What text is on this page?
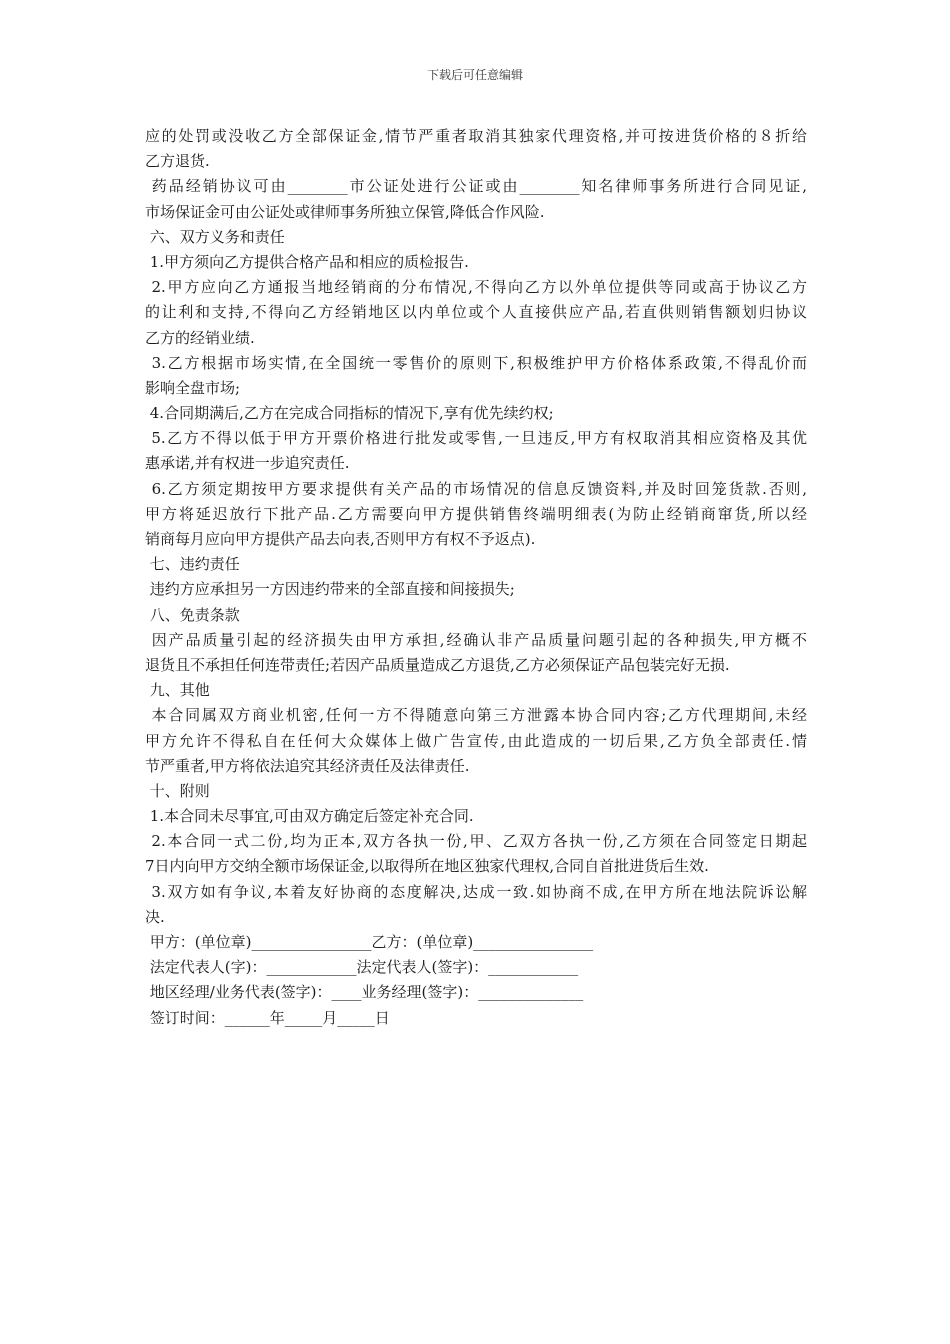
下载后可任意编辑
应的处罚或没收乙方全部保证金,情节严重者取消其独家代理资格,并可按进货价格的８折给
乙方退货.
药品经销协议可由________市公证处进行公证或由________知名律师事务所进行合同见证,
市场保证金可由公证处或律师事务所独立保管,降低合作风险.
六、双方义务和责任
1.甲方须向乙方提供合格产品和相应的质检报告.
2.甲方应向乙方通报当地经销商的分布情况,不得向乙方以外单位提供等同或高于协议乙方
的让利和支持,不得向乙方经销地区以内单位或个人直接供应产品,若直供则销售额划归协议
乙方的经销业绩.
3.乙方根据市场实情,在全国统一零售价的原则下,积极维护甲方价格体系政策,不得乱价而
影响全盘市场;
4.合同期满后,乙方在完成合同指标的情况下,享有优先续约权;
5.乙方不得以低于甲方开票价格进行批发或零售,一旦违反,甲方有权取消其相应资格及其优
惠承诺,并有权进一步追究责任.
6.乙方须定期按甲方要求提供有关产品的市场情况的信息反馈资料,并及时回笼货款.否则,
甲方将延迟放行下批产品.乙方需要向甲方提供销售终端明细表(为防止经销商窜货,所以经
销商每月应向甲方提供产品去向表,否则甲方有权不予返点).
七、违约责任
违约方应承担另一方因违约带来的全部直接和间接损失;
八、免责条款
因产品质量引起的经济损失由甲方承担,经确认非产品质量问题引起的各种损失,甲方概不
退货且不承担任何连带责任;若因产品质量造成乙方退货,乙方必须保证产品包装完好无损.
九、其他
本合同属双方商业机密,任何一方不得随意向第三方泄露本协合同内容;乙方代理期间,未经
甲方允许不得私自在任何大众媒体上做广告宣传,由此造成的一切后果,乙方负全部责任.情
节严重者,甲方将依法追究其经济责任及法律责任.
十、附则
1.本合同未尽事宜,可由双方确定后签定补充合同.
2.本合同一式二份,均为正本,双方各执一份,甲、乙双方各执一份,乙方须在合同签定日期起
7日内向甲方交纳全额市场保证金,以取得所在地区独家代理权,合同自首批进货后生效.
3.双方如有争议,本着友好协商的态度解决,达成一致.如协商不成,在甲方所在地法院诉讼解
决.
甲方：(单位章)________________乙方：(单位章)________________
法定代表人(字)：____________法定代表人(签字)：____________
地区经理/业务代表(签字)：____业务经理(签字)：______________
签订时间：______年_____月_____日
